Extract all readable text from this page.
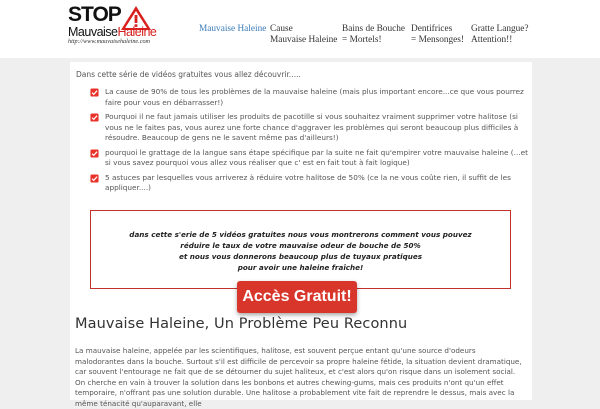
STOP
MauvaiseHaleine
http://www.mauvaisehaleine.com
Mauvaise Haleine Cause
Mauvaise Haleine
Bains de Bouche
= Mortels!
Dentifrices
= Mensonges!
Gratte Langue?
Attention!!
Dans cette série de vidéos gratuites vous allez découvrir.....
La cause de 90% de tous les problèmes de la mauvaise haleine (mais plus important encore...ce que vous pourrez faire pour vous en débarrasser!)
Pourquoi il ne faut jamais utiliser les produits de pacotille si vous souhaitez vraiment supprimer votre halitose (si vous ne le faites pas, vous aurez une forte chance d'aggraver les problèmes qui seront beaucoup plus difficiles à résoudre. Beaucoup de gens ne le savent même pas d'ailleurs!)
pourquoi le grattage de la langue sans étape spécifique par la suite ne fait qu'empirer votre mauvaise haleine (...et si vous savez pourquoi vous allez vous réaliser que c' est en fait tout à fait logique)
5 astuces par lesquelles vous arriverez à réduire votre halitose de 50% (ce la ne vous coûte rien, il suffit de les appliquer....)
dans cette s'erie de 5 vidéos gratuites nous vous montrerons comment vous pouvez
réduire le taux de votre mauvaise odeur de bouche de 50%
et nous vous donnerons beaucoup plus de tuyaux pratiques
pour avoir une haleine fraîche!
Accès Gratuit!
Mauvaise Haleine, Un Problème Peu Reconnu

La mauvaise haleine, appelée par les scientifiques, halitose, est souvent perçue entant qu'une source d'odeurs malodorantes dans la bouche. Surtout s'il est difficile de percevoir sa propre haleine fétide, la situation devient dramatique, car souvent l'entourage ne fait que de se détourner du sujet haliteux, et c'est alors qu'on risque dans un isolement social. On cherche en vain à trouver la solution dans les bonbons et autres chewing-gums, mais ces produits n'ont qu'un effet temporaire, n'offrant pas une solution durable. Une halitose a probablement vite fait de reprendre le dessus, mais avec la même ténacité qu'auparavant, elle
